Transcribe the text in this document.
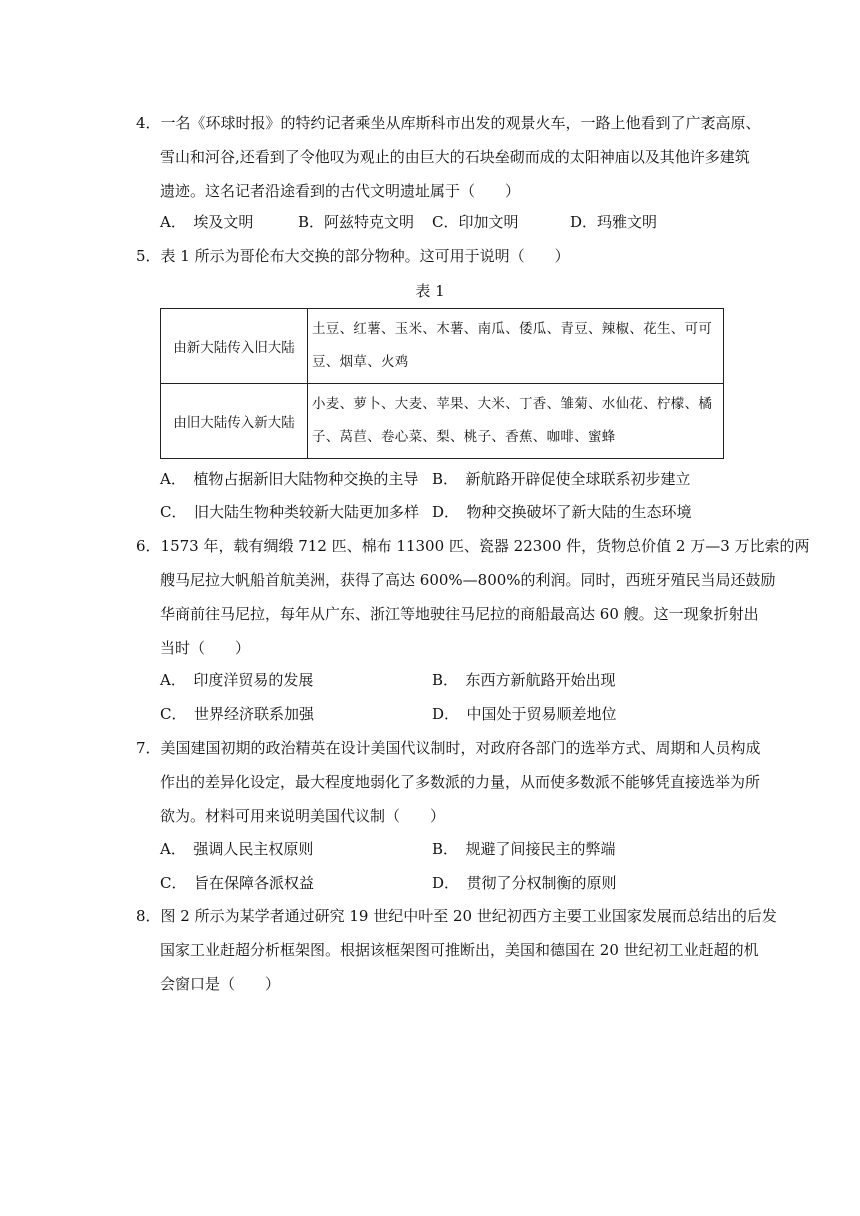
4．一名《环球时报》的特约记者乘坐从库斯科市出发的观景火车，一路上他看到了广袤高原、
雪山和河谷,还看到了令他叹为观止的由巨大的石块垒砌而成的太阳神庙以及其他许多建筑
遗迹。这名记者沿途看到的古代文明遗址属于（　　）
A．　埃及文明	B．阿兹特克文明 C．印加文明	D．玛雅文明
5．表 1 所示为哥伦布大交换的部分物种。这可用于说明（　　）
表 1
由新大陆传入旧大陆	土豆、红薯、玉米、木薯、南瓜、倭瓜、青豆、辣椒、花生、可可
豆、烟草、火鸡

由旧大陆传入新大陆	小麦、萝卜、大麦、苹果、大米、丁香、雏菊、水仙花、柠檬、橘
子、莴苣、卷心菜、梨、桃子、香蕉、咖啡、蜜蜂
A．　植物占据新旧大陆物种交换的主导 B．　新航路开辟促使全球联系初步建立
C．　旧大陆生物种类较新大陆更加多样 D．　物种交换破坏了新大陆的生态环境
6．1573 年，载有绸缎 712 匹、棉布 11300 匹、瓷器 22300 件，货物总价值 2 万—3 万比索的两
艘马尼拉大帆船首航美洲，获得了高达 600%—800%的利润。同时，西班牙殖民当局还鼓励
华商前往马尼拉，每年从广东、浙江等地驶往马尼拉的商船最高达 60 艘。这一现象折射出
当时（　　）
A．　印度洋贸易的发展	B．　东西方新航路开始出现
C．　世界经济联系加强	D．　中国处于贸易顺差地位
7．美国建国初期的政治精英在设计美国代议制时，对政府各部门的选举方式、周期和人员构成
作出的差异化设定，最大程度地弱化了多数派的力量，从而使多数派不能够凭直接选举为所
欲为。材料可用来说明美国代议制（　　）
A．　强调人民主权原则	B．　规避了间接民主的弊端
C．　旨在保障各派权益	D．　贯彻了分权制衡的原则
8．图 2 所示为某学者通过研究 19 世纪中叶至 20 世纪初西方主要工业国家发展而总结出的后发
国家工业赶超分析框架图。根据该框架图可推断出，美国和德国在 20 世纪初工业赶超的机
会窗口是（　　）
